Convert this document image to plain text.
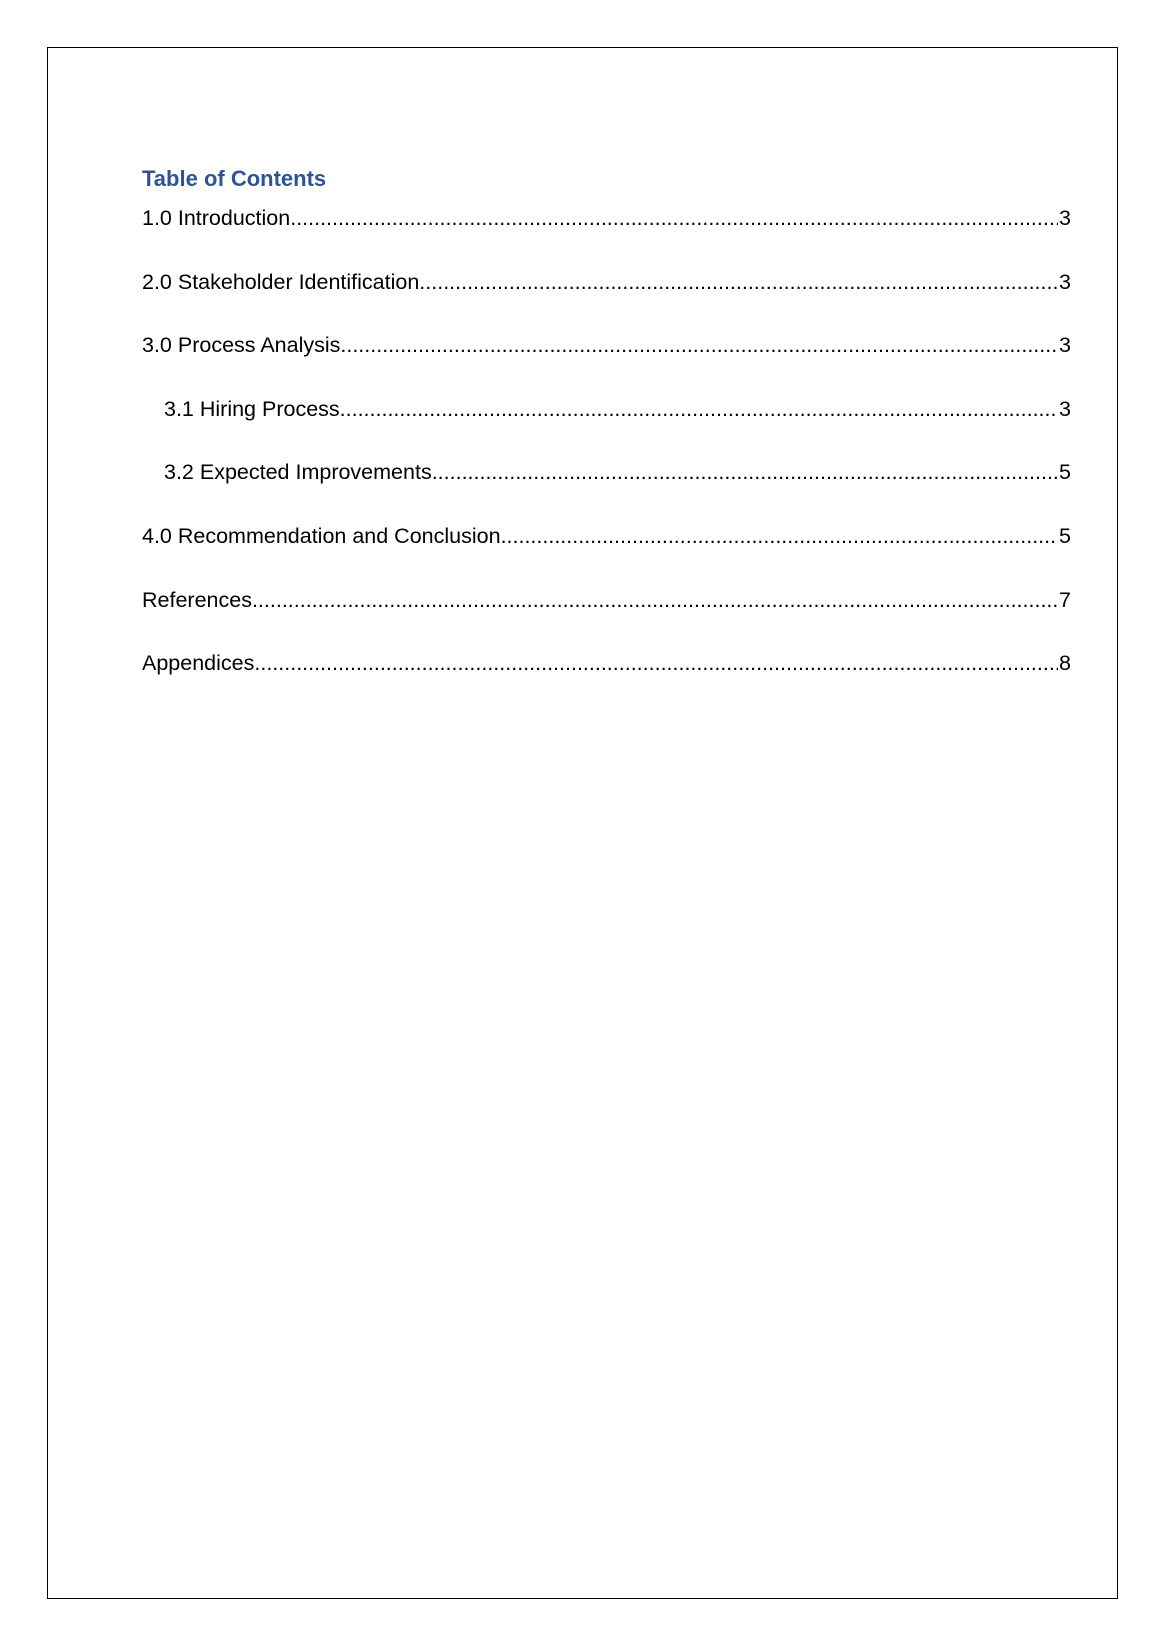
Table of Contents
1.0 Introduction .....	3
2.0 Stakeholder Identification .....	3
3.0 Process Analysis .....	3
3.1 Hiring Process .....	3
3.2 Expected Improvements .....	5
4.0 Recommendation and Conclusion .....	5
References .....	7
Appendices .....	8
